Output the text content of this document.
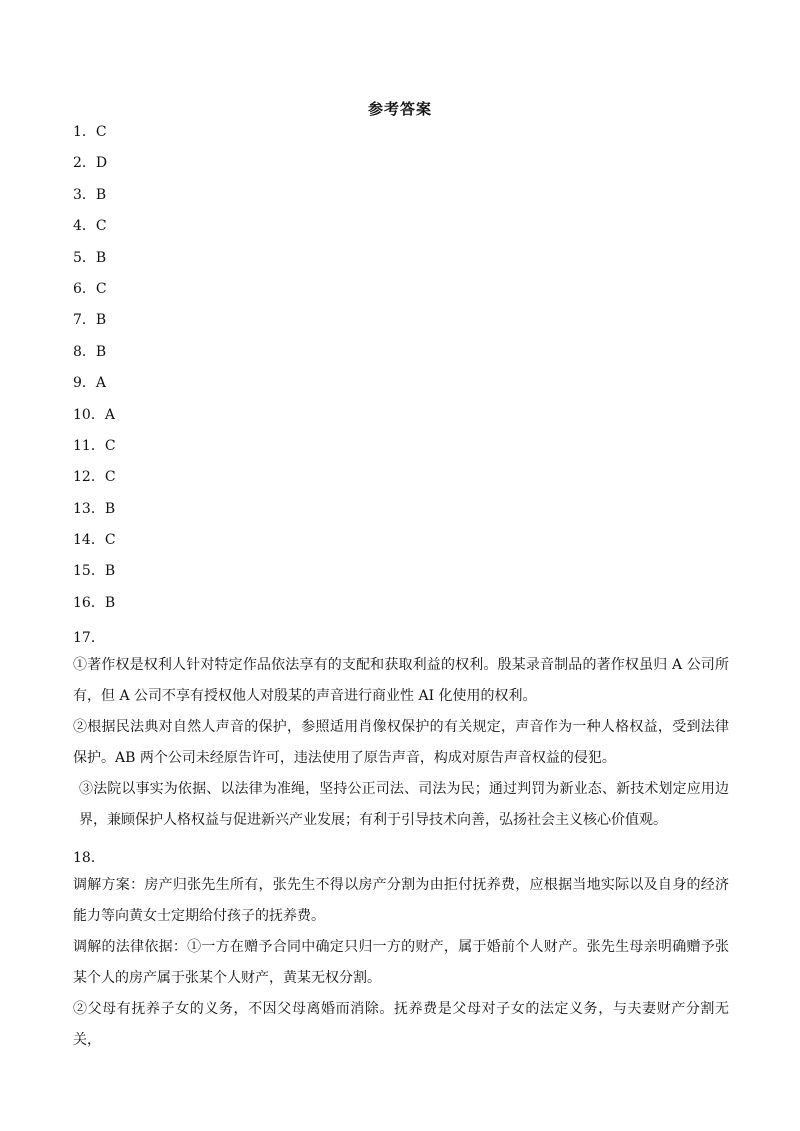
参考答案
1．C
2．D
3．B
4．C
5．B
6．C
7．B
8．B
9．A
10．A
11．C
12．C
13．B
14．C
15．B
16．B
17．
①著作权是权利人针对特定作品依法享有的支配和获取利益的权利。殷某录音制品的著作权虽归 A 公司所有，但 A 公司不享有授权他人对殷某的声音进行商业性 AI 化使用的权利。
②根据民法典对自然人声音的保护，参照适用肖像权保护的有关规定，声音作为一种人格权益，受到法律保护。AB 两个公司未经原告许可，违法使用了原告声音，构成对原告声音权益的侵犯。
③法院以事实为依据、以法律为准绳，坚持公正司法、司法为民；通过判罚为新业态、新技术划定应用边界，兼顾保护人格权益与促进新兴产业发展；有利于引导技术向善，弘扬社会主义核心价值观。
18．
调解方案：房产归张先生所有，张先生不得以房产分割为由拒付抚养费，应根据当地实际以及自身的经济能力等向黄女士定期给付孩子的抚养费。
调解的法律依据：①一方在赠予合同中确定只归一方的财产，属于婚前个人财产。张先生母亲明确赠予张某个人的房产属于张某个人财产，黄某无权分割。
②父母有抚养子女的义务，不因父母离婚而消除。抚养费是父母对子女的法定义务，与夫妻财产分割无关，
